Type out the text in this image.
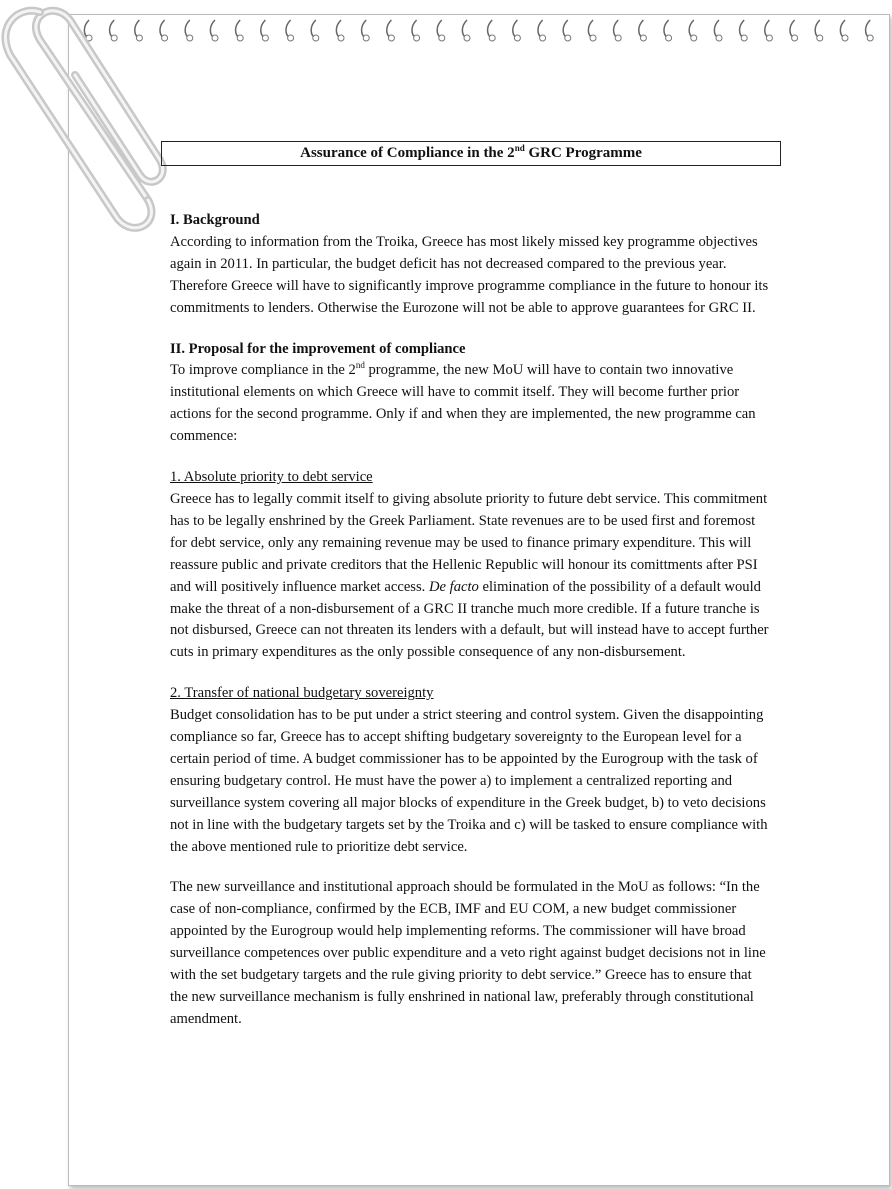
Assurance of Compliance in the 2nd GRC Programme
I. Background
According to information from the Troika, Greece has most likely missed key programme objectives
again in 2011. In particular, the budget deficit has not decreased compared to the previous year.
Therefore Greece will have to significantly improve programme compliance in the future to honour its
commitments to lenders. Otherwise the Eurozone will not be able to approve guarantees for GRC II.
II. Proposal for the improvement of compliance
To improve compliance in the 2nd programme, the new MoU will have to contain two innovative
institutional elements on which Greece will have to commit itself. They will become further prior
actions for the second programme. Only if and when they are implemented, the new programme can
commence:
1. Absolute priority to debt service
Greece has to legally commit itself to giving absolute priority to future debt service. This commitment
has to be legally enshrined by the Greek Parliament. State revenues are to be used first and foremost
for debt service, only any remaining revenue may be used to finance primary expenditure. This will
reassure public and private creditors that the Hellenic Republic will honour its comittments after PSI
and will positively influence market access. De facto elimination of the possibility of a default would
make the threat of a non-disbursement of a GRC II tranche much more credible. If a future tranche is
not disbursed, Greece can not threaten its lenders with a default, but will instead have to accept further
cuts in primary expenditures as the only possible consequence of any non-disbursement.
2. Transfer of national budgetary sovereignty
Budget consolidation has to be put under a strict steering and control system. Given the disappointing
compliance so far, Greece has to accept shifting budgetary sovereignty to the European level for a
certain period of time. A budget commissioner has to be appointed by the Eurogroup with the task of
ensuring budgetary control. He must have the power a) to implement a centralized reporting and
surveillance system covering all major blocks of expenditure in the Greek budget, b) to veto decisions
not in line with the budgetary targets set by the Troika and c) will be tasked to ensure compliance with
the above mentioned rule to prioritize debt service.
The new surveillance and institutional approach should be formulated in the MoU as follows: “In the
case of non-compliance, confirmed by the ECB, IMF and EU COM, a new budget commissioner
appointed by the Eurogroup would help implementing reforms. The commissioner will have broad
surveillance competences over public expenditure and a veto right against budget decisions not in line
with the set budgetary targets and the rule giving priority to debt service.” Greece has to ensure that
the new surveillance mechanism is fully enshrined in national law, preferably through constitutional
amendment.
